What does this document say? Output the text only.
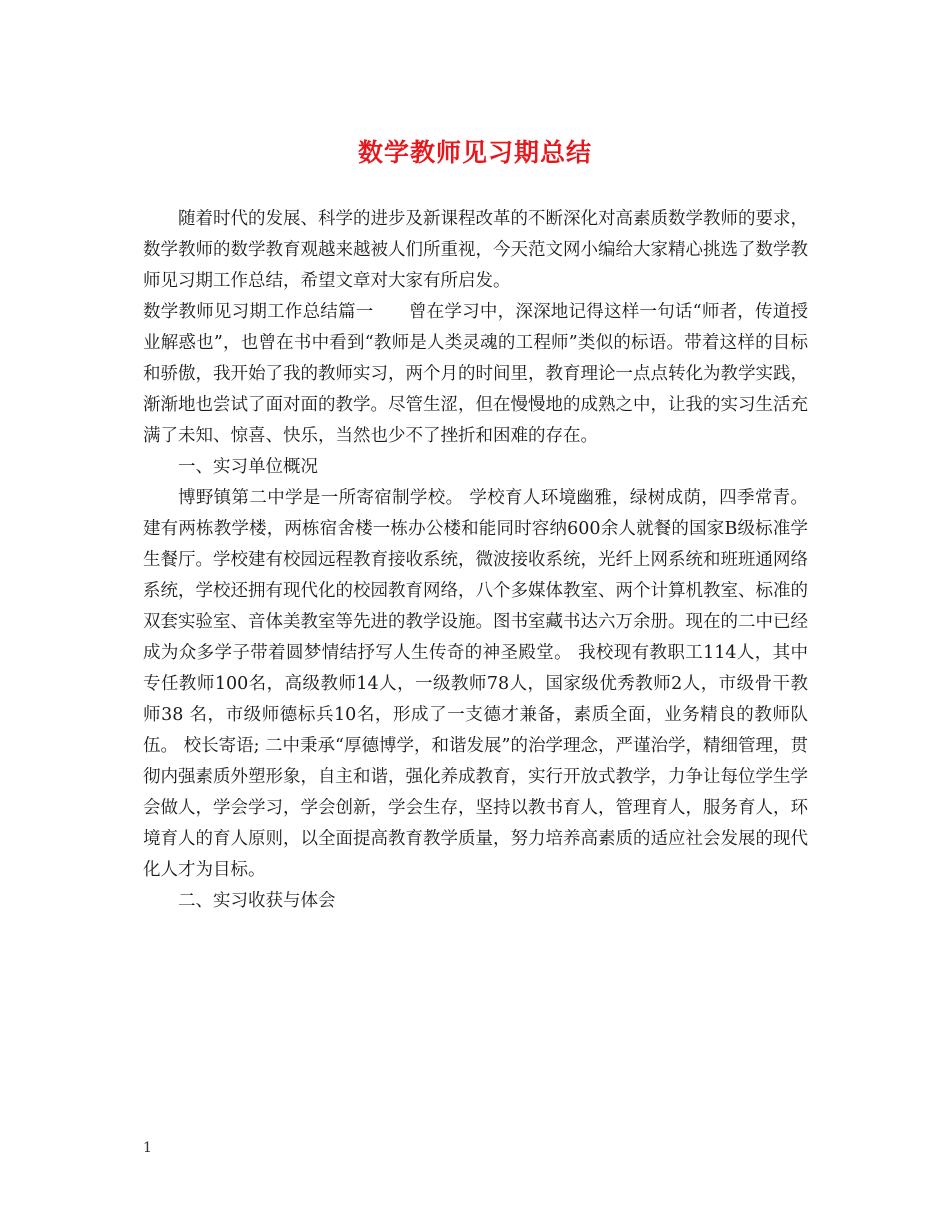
数学教师见习期总结

随着时代的发展、科学的进步及新课程改革的不断深化对高素质数学教师的要求，数学教师的数学教育观越来越被人们所重视，今天范文网小编给大家精心挑选了数学教师见习期工作总结，希望文章对大家有所启发。

数学教师见习期工作总结篇一　　曾在学习中，深深地记得这样一句话“师者，传道授业解惑也”，也曾在书中看到“教师是人类灵魂的工程师”类似的标语。带着这样的目标和骄傲，我开始了我的教师实习，两个月的时间里，教育理论一点点转化为教学实践，渐渐地也尝试了面对面的教学。尽管生涩，但在慢慢地的成熟之中，让我的实习生活充满了未知、惊喜、快乐，当然也少不了挫折和困难的存在。

一、实习单位概况

博野镇第二中学是一所寄宿制学校。 学校育人环境幽雅，绿树成荫，四季常青。建有两栋教学楼，两栋宿舍楼一栋办公楼和能同时容纳600余人就餐的国家B级标准学生餐厅。学校建有校园远程教育接收系统，微波接收系统，光纤上网系统和班班通网络系统，学校还拥有现代化的校园教育网络，八个多媒体教室、两个计算机教室、标准的双套实验室、音体美教室等先进的教学设施。图书室藏书达六万余册。现在的二中已经成为众多学子带着圆梦情结抒写人生传奇的神圣殿堂。 我校现有教职工114人，其中专任教师100名，高级教师14人，一级教师78人，国家级优秀教师2人，市级骨干教师38 名，市级师德标兵10名，形成了一支德才兼备，素质全面，业务精良的教师队伍。 校长寄语; 二中秉承“厚德博学，和谐发展”的治学理念，严谨治学，精细管理，贯彻内强素质外塑形象，自主和谐，强化养成教育，实行开放式教学，力争让每位学生学会做人，学会学习，学会创新，学会生存，坚持以教书育人，管理育人，服务育人，环境育人的育人原则，以全面提高教育教学质量，努力培养高素质的适应社会发展的现代化人才为目标。

二、实习收获与体会

1
